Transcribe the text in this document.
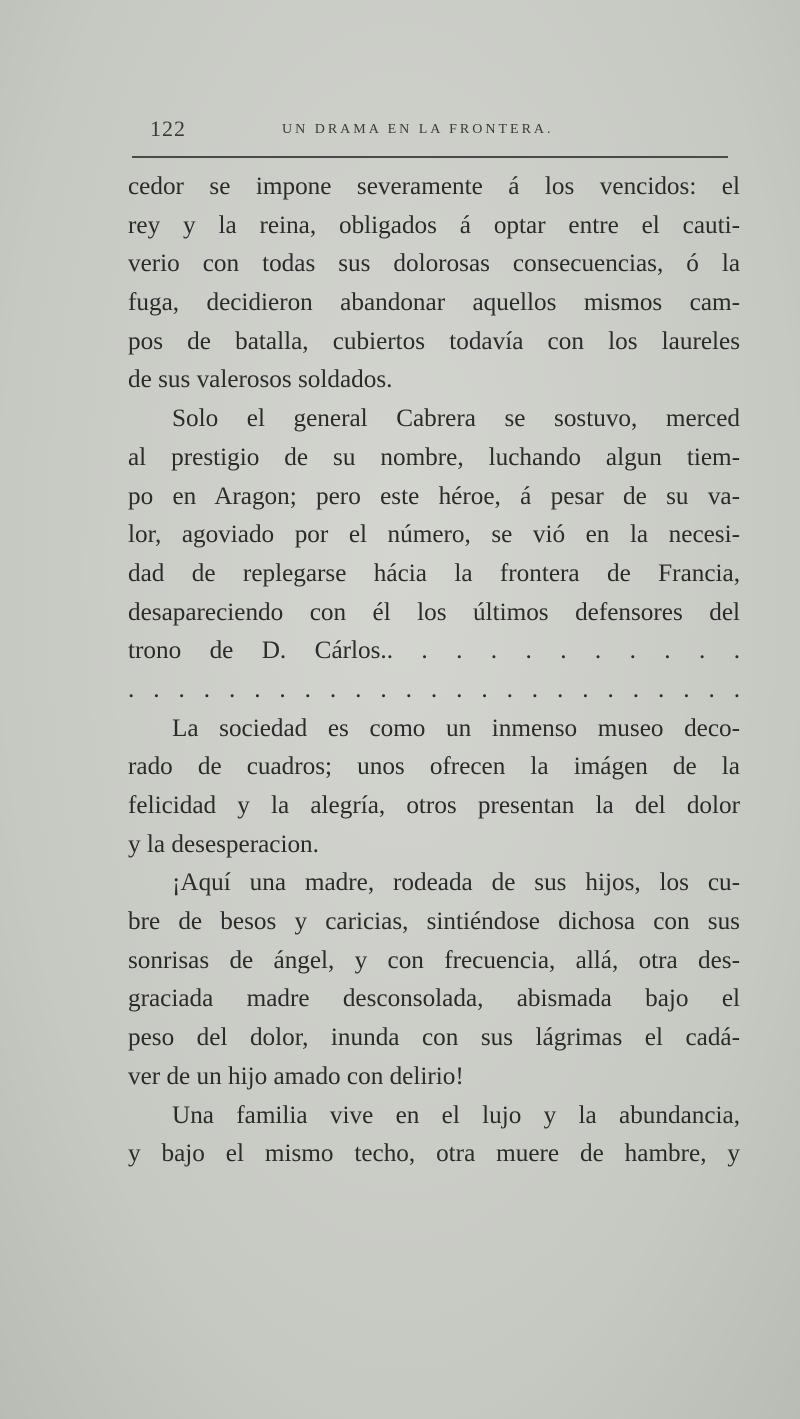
122	UN DRAMA EN LA FRONTERA.
cedor se impone severamente á los vencidos: el
rey y la reina, obligados á optar entre el cauti-
verio con todas sus dolorosas consecuencias, ó la
fuga, decidieron abandonar aquellos mismos cam-
pos de batalla, cubiertos todavía con los laureles
de sus valerosos soldados.
Solo el general Cabrera se sostuvo, merced
al prestigio de su nombre, luchando algun tiem-
po en Aragon; pero este héroe, á pesar de su va-
lor, agoviado por el número, se vió en la necesi-
dad de replegarse hácia la frontera de Francia,
desapareciendo con él los últimos defensores del
trono de D. Cárlos.. . . . . . . . . . .
. . . . . . . . . . . . . . . . . . . . . . . . .
La sociedad es como un inmenso museo deco-
rado de cuadros; unos ofrecen la imágen de la
felicidad y la alegría, otros presentan la del dolor
y la desesperacion.
¡Aquí una madre, rodeada de sus hijos, los cu-
bre de besos y caricias, sintiéndose dichosa con sus
sonrisas de ángel, y con frecuencia, allá, otra des-
graciada madre desconsolada, abismada bajo el
peso del dolor, inunda con sus lágrimas el cadá-
ver de un hijo amado con delirio!
Una familia vive en el lujo y la abundancia,
y bajo el mismo techo, otra muere de hambre, y
